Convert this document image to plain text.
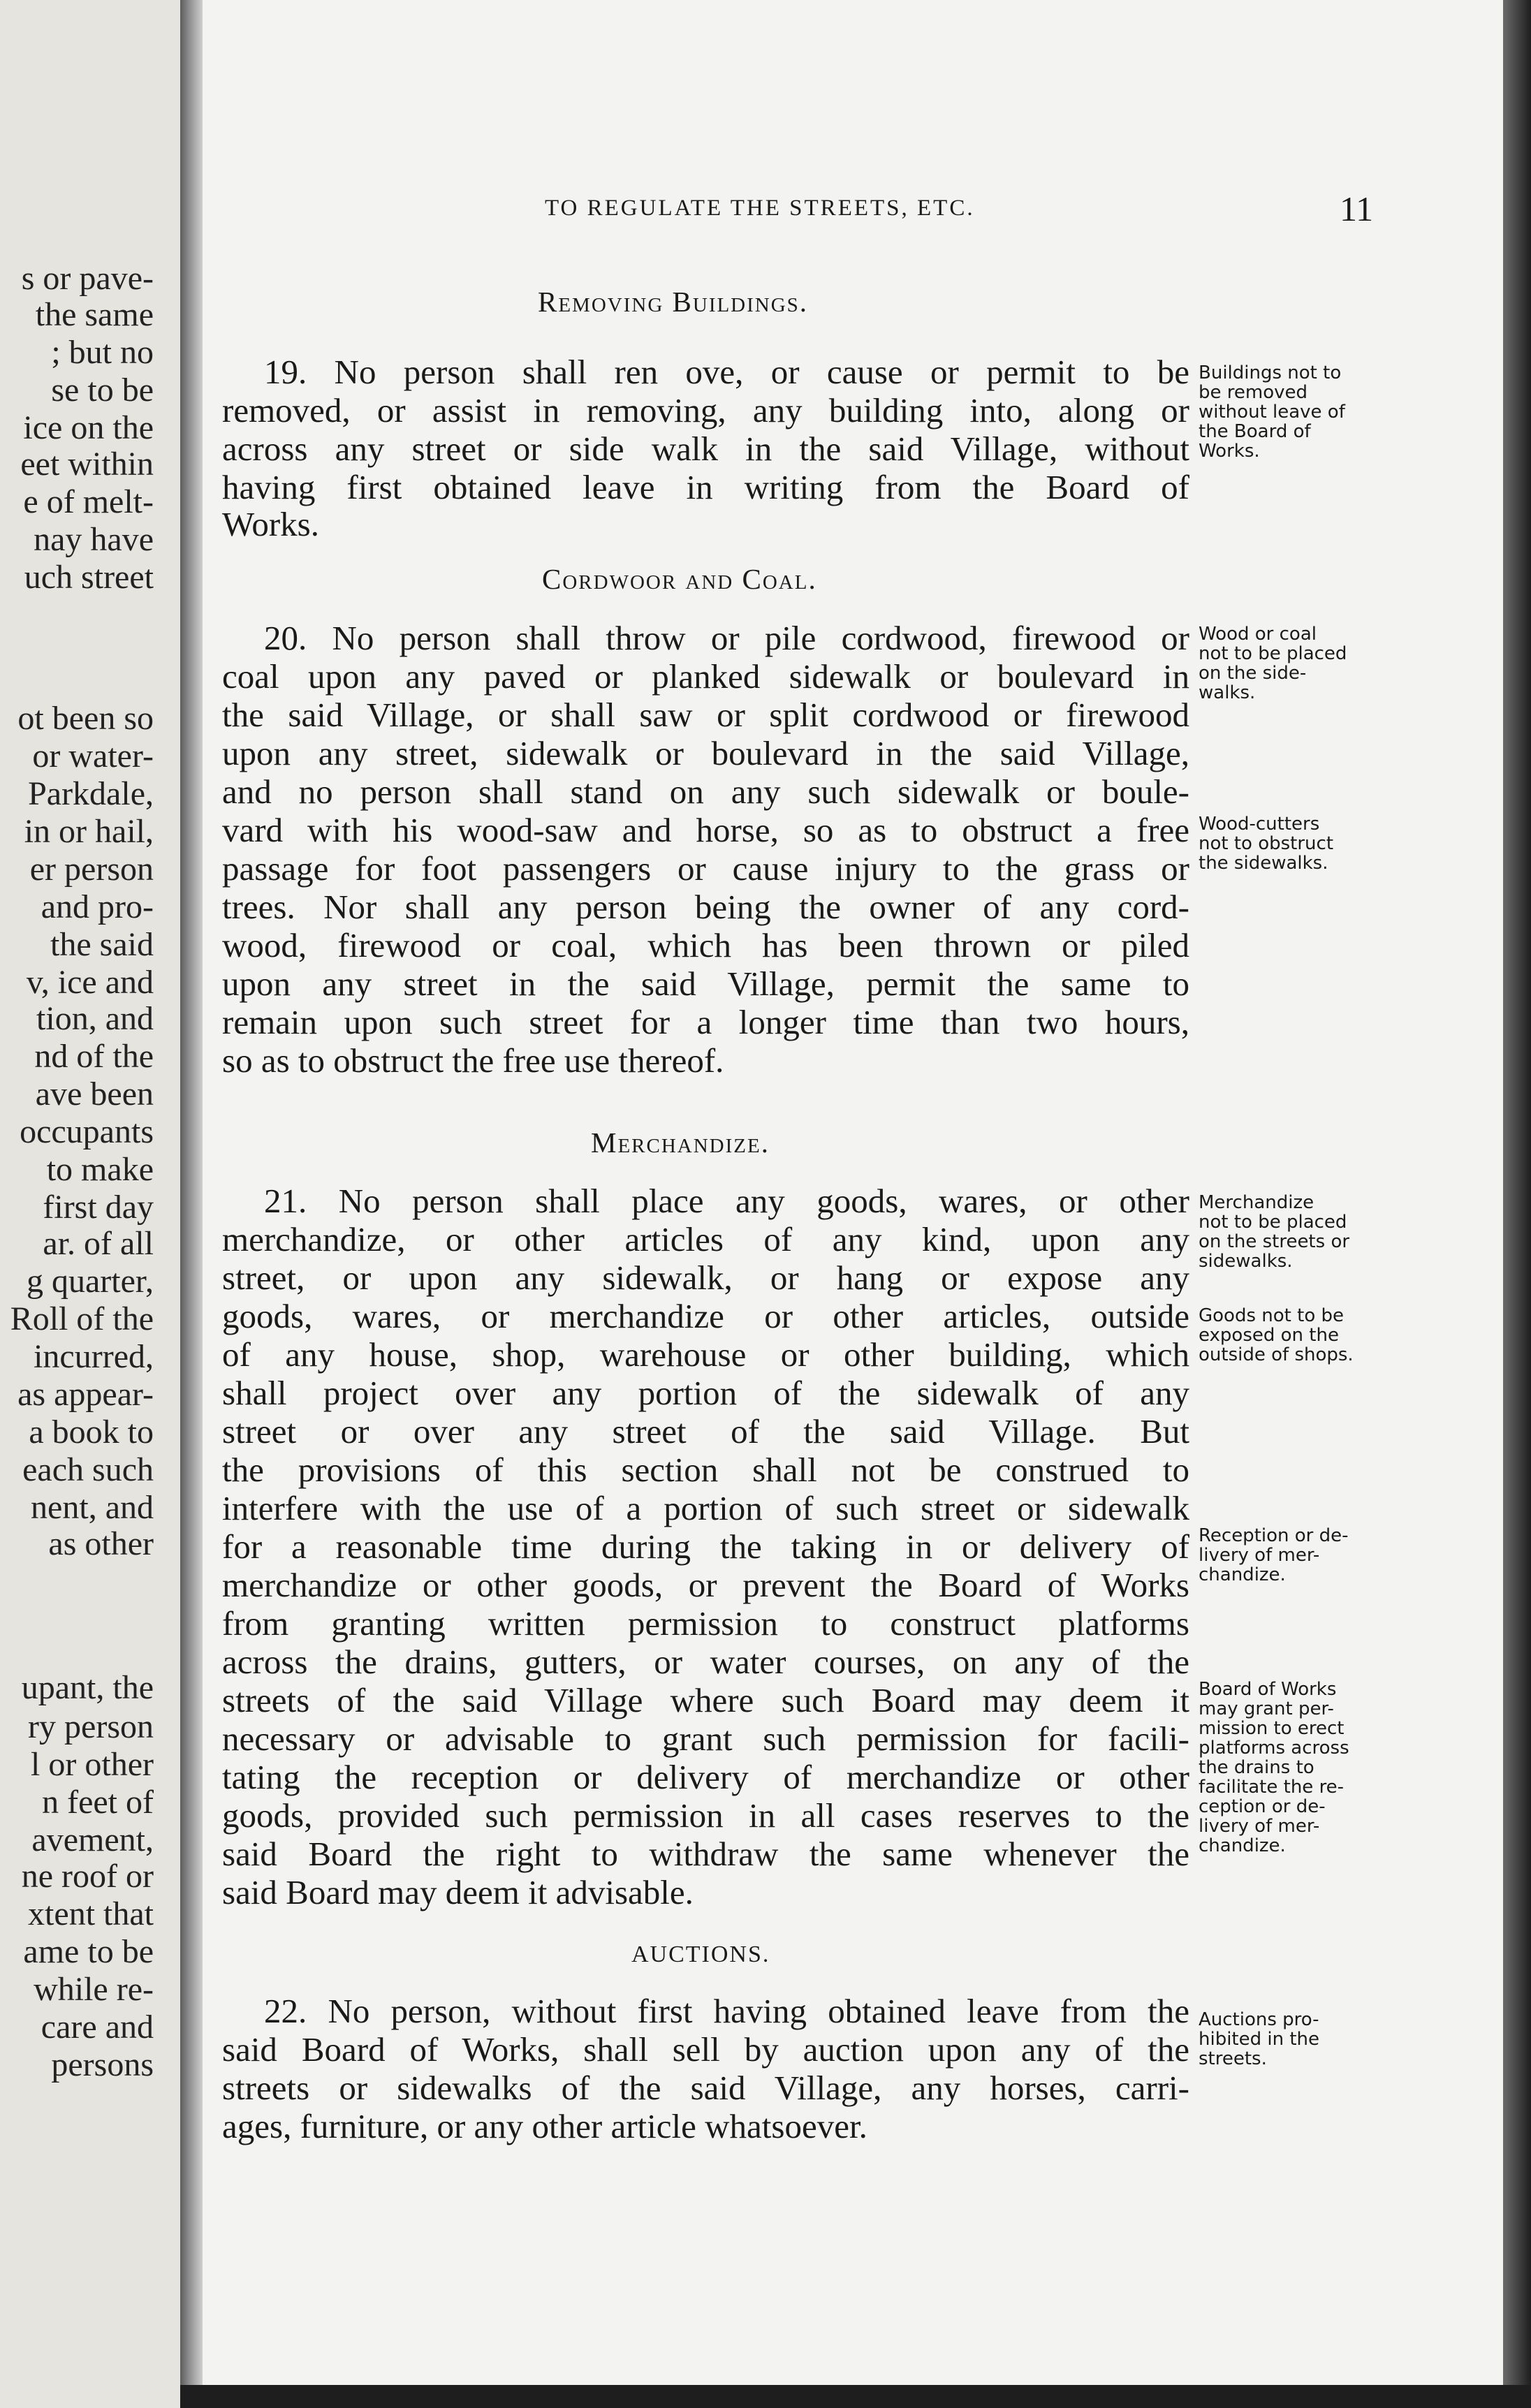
s or pave-
the same
; but no
se to be
ice on the
eet within
e of melt-
nay have
uch street
ot been so
or water-
Parkdale,
in or hail,
er person
and pro-
the said
v, ice and
tion, and
nd of the
ave been
occupants
to make
first day
ar. of all
g quarter,
Roll of the
incurred,
as appear-
a book to
each such
nent, and
as other
upant, the
ry person
l or other
n feet of
avement,
ne roof or
xtent that
ame to be
while re-
care and
persons
TO REGULATE THE STREETS, ETC.	11
Removing Buildings.
Cordwoor and Coal.
Merchandize.
AUCTIONS.
19. No person shall ren ove, or cause or permit to be
removed, or assist in removing, any building into, along or
across any street or side walk in the said Village, without
having first obtained leave in writing from the Board of
Works.
20. No person shall throw or pile cordwood, firewood or
coal upon any paved or planked sidewalk or boulevard in
the said Village, or shall saw or split cordwood or firewood
upon any street, sidewalk or boulevard in the said Village,
and no person shall stand on any such sidewalk or boule-
vard with his wood-saw and horse, so as to obstruct a free
passage for foot passengers or cause injury to the grass or
trees. Nor shall any person being the owner of any cord-
wood, firewood or coal, which has been thrown or piled
upon any street in the said Village, permit the same to
remain upon such street for a longer time than two hours,
so as to obstruct the free use thereof.
21. No person shall place any goods, wares, or other
merchandize, or other articles of any kind, upon any
street, or upon any sidewalk, or hang or expose any
goods, wares, or merchandize or other articles, outside
of any house, shop, warehouse or other building, which
shall project over any portion of the sidewalk of any
street or over any street of the said Village. But
the provisions of this section shall not be construed to
interfere with the use of a portion of such street or sidewalk
for a reasonable time during the taking in or delivery of
merchandize or other goods, or prevent the Board of Works
from granting written permission to construct platforms
across the drains, gutters, or water courses, on any of the
streets of the said Village where such Board may deem it
necessary or advisable to grant such permission for facili-
tating the reception or delivery of merchandize or other
goods, provided such permission in all cases reserves to the
said Board the right to withdraw the same whenever the
said Board may deem it advisable.
22. No person, without first having obtained leave from the
said Board of Works, shall sell by auction upon any of the
streets or sidewalks of the said Village, any horses, carri-
ages, furniture, or any other article whatsoever.
Buildings not to
be removed
without leave of
the Board of
Works.
Wood or coal
not to be placed
on the side-
walks.
Wood-cutters
not to obstruct
the sidewalks.
Merchandize
not to be placed
on the streets or
sidewalks.
Goods not to be
exposed on the
outside of shops.
Reception or de-
livery of mer-
chandize.
Board of Works
may grant per-
mission to erect
platforms across
the drains to
facilitate the re-
ception or de-
livery of mer-
chandize.
Auctions pro-
hibited in the
streets.
